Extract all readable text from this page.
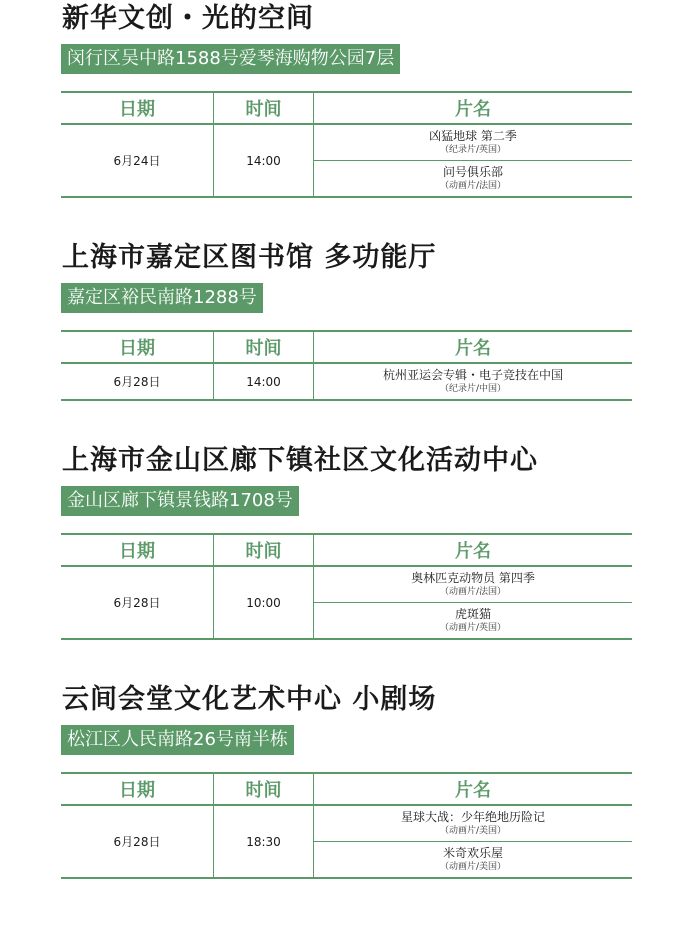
新华文创・光的空间
闵行区吴中路1588号爱琴海购物公园7层
日期	时间	片名
6月24日	14:00	凶猛地球 第二季
（纪录片/英国）

		问号俱乐部
（动画片/法国）
上海市嘉定区图书馆 多功能厅
嘉定区裕民南路1288号
日期	时间	片名
6月28日	14:00	杭州亚运会专辑・电子竞技在中国
（纪录片/中国）
上海市金山区廊下镇社区文化活动中心
金山区廊下镇景钱路1708号
日期	时间	片名
6月28日	10:00	奥林匹克动物员 第四季
（动画片/法国）

		虎斑猫
（动画片/英国）
云间会堂文化艺术中心 小剧场
松江区人民南路26号南半栋
日期	时间	片名
6月28日	18:30	星球大战：少年绝地历险记
（动画片/美国）

		米奇欢乐屋
（动画片/美国）
